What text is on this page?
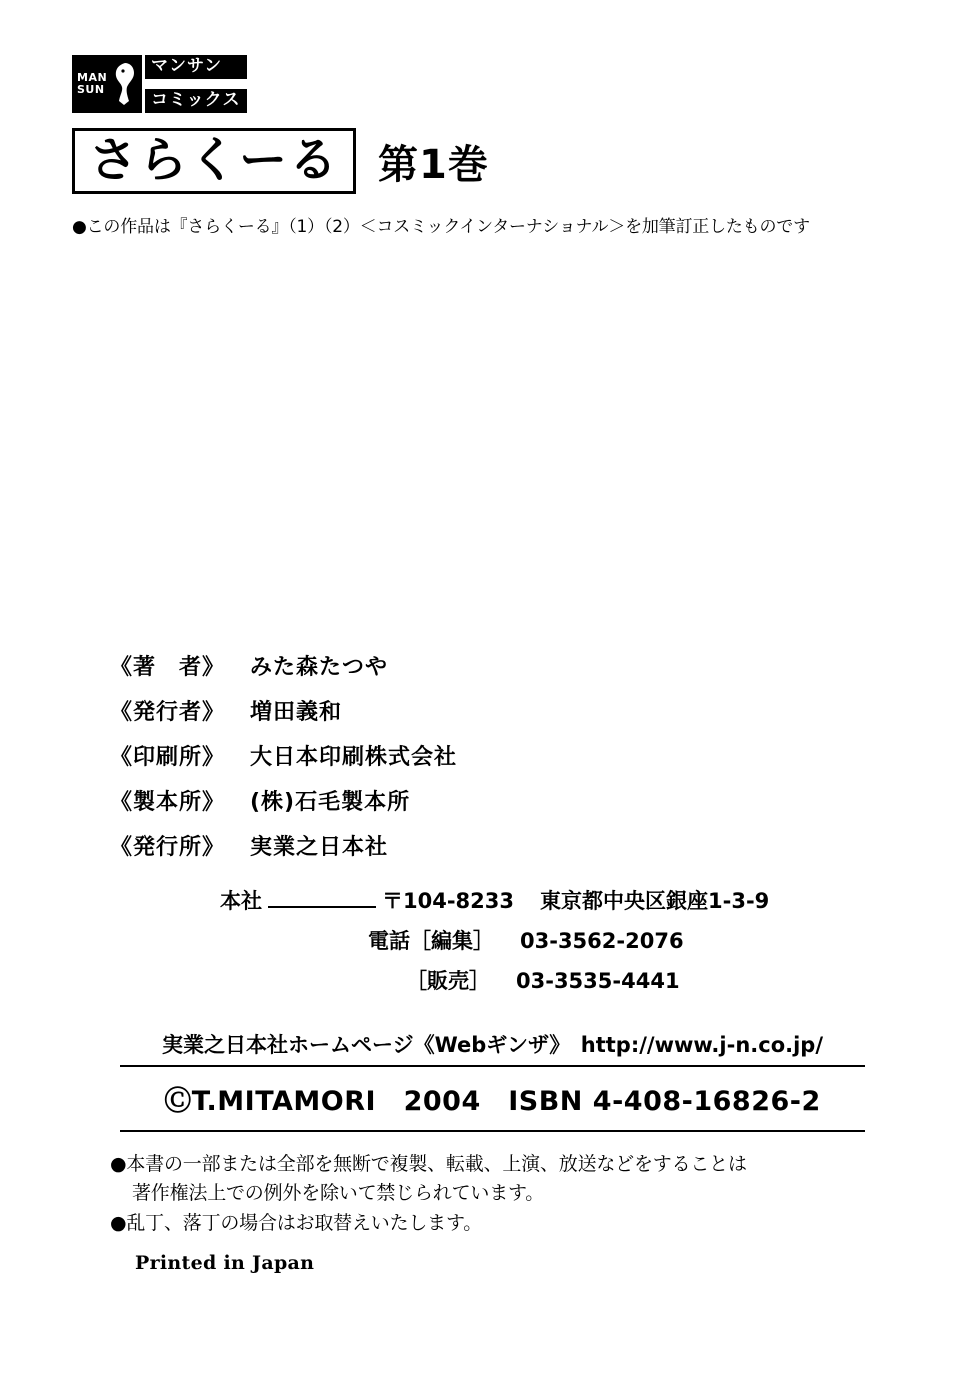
MAN
SUN
マンサン
コミックス
さらくーる 第1巻
●この作品は『さらくーる』（1）（2）＜コスミックインターナショナル＞を加筆訂正したものです
《著　者》	みた森たつや
《発行者》	増田義和
《印刷所》	大日本印刷株式会社
《製本所》	(株)石毛製本所
《発行所》	実業之日本社
本社	〒104-8233 東京都中央区銀座1-3-9
電話［編集］ 03-3562-2076
［販売］ 03-3535-4441
実業之日本社ホームページ《Webギンザ》　http://www.j-n.co.jp/
ⒸT.MITAMORI　2004　ISBN 4-408-16826-2
●本書の一部または全部を無断で複製、転載、上演、放送などをすることは
著作権法上での例外を除いて禁じられています。
●乱丁、落丁の場合はお取替えいたします。
Printed in Japan
